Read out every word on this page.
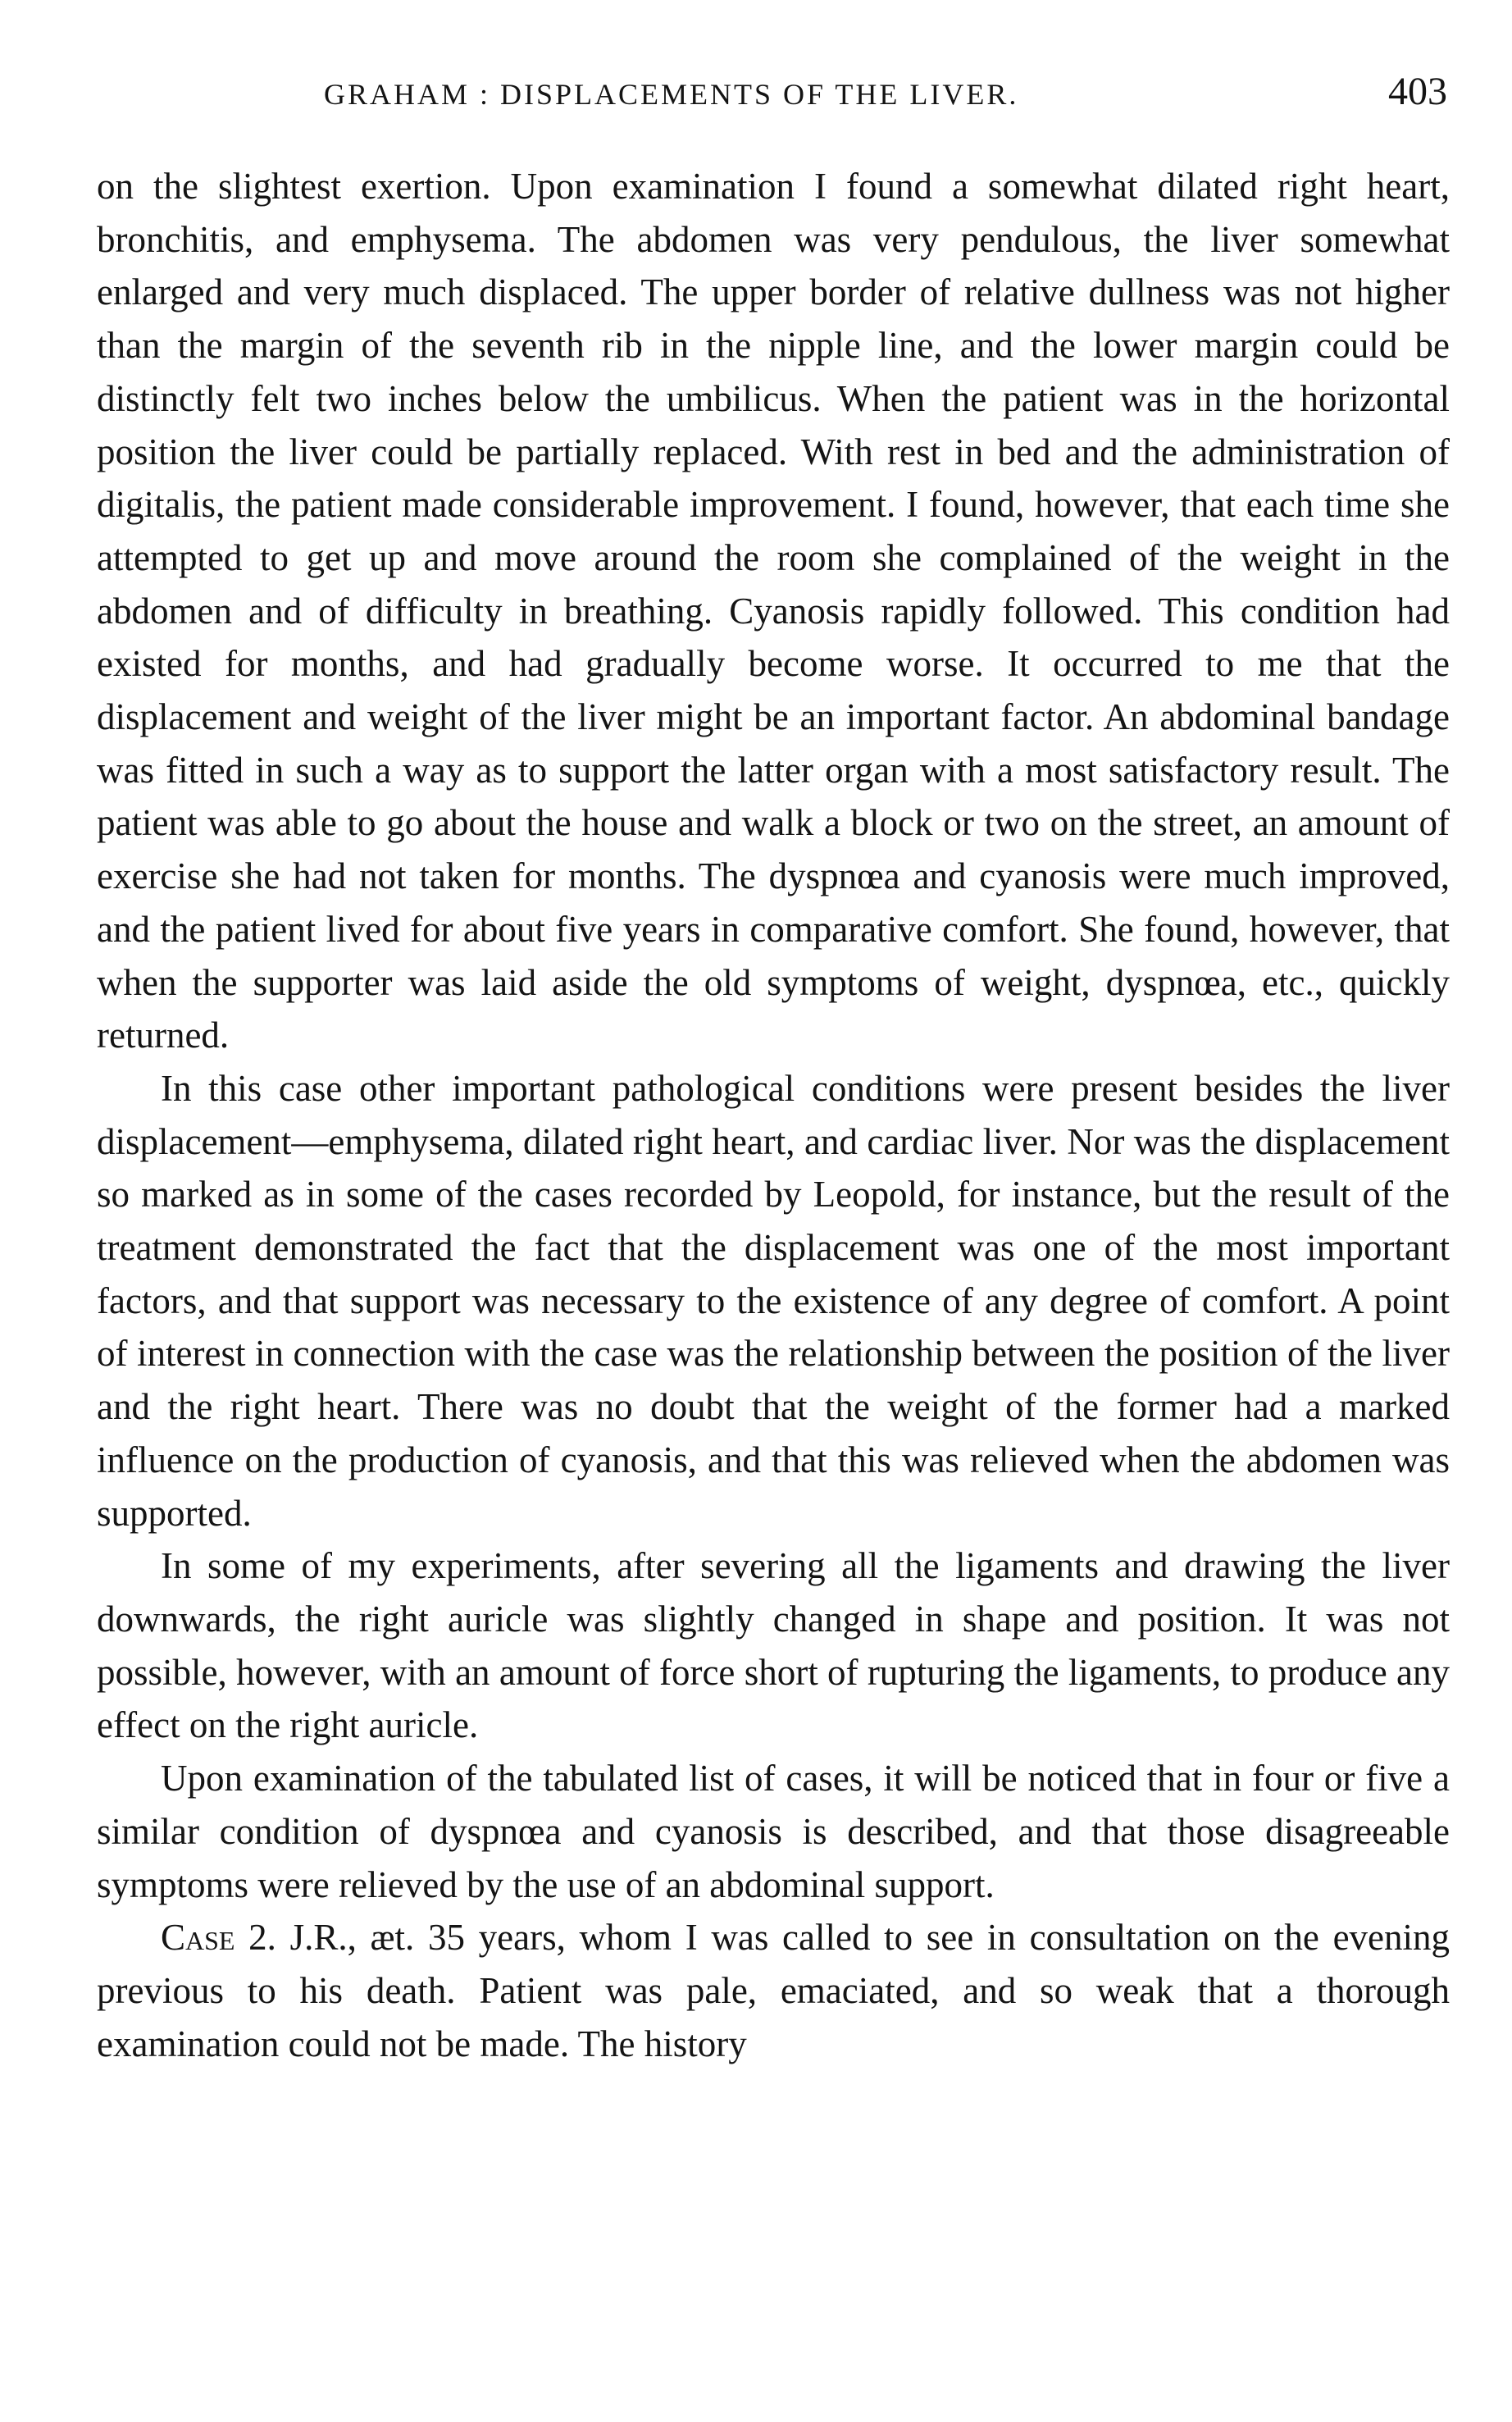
GRAHAM : DISPLACEMENTS OF THE LIVER.	403

on the slightest exertion. Upon examination I found a somewhat dilated right heart, bronchitis, and emphysema. The abdomen was very pendulous, the liver somewhat enlarged and very much displaced. The upper border of relative dullness was not higher than the margin of the seventh rib in the nipple line, and the lower margin could be distinctly felt two inches below the umbilicus. When the patient was in the horizontal position the liver could be partially replaced. With rest in bed and the administration of digitalis, the patient made considerable improvement. I found, however, that each time she attempted to get up and move around the room she complained of the weight in the abdomen and of difficulty in breathing. Cyanosis rapidly followed. This condition had existed for months, and had gradually become worse. It occurred to me that the displacement and weight of the liver might be an important factor. An abdominal bandage was fitted in such a way as to support the latter organ with a most satisfactory result. The patient was able to go about the house and walk a block or two on the street, an amount of exercise she had not taken for months. The dyspnœa and cyanosis were much improved, and the patient lived for about five years in comparative comfort. She found, however, that when the supporter was laid aside the old symptoms of weight, dyspnœa, etc., quickly returned.

In this case other important pathological conditions were present besides the liver displacement—emphysema, dilated right heart, and cardiac liver. Nor was the displacement so marked as in some of the cases recorded by Leopold, for instance, but the result of the treatment demonstrated the fact that the displacement was one of the most important factors, and that support was necessary to the existence of any degree of comfort. A point of interest in connection with the case was the relationship between the position of the liver and the right heart. There was no doubt that the weight of the former had a marked influence on the production of cyanosis, and that this was relieved when the abdomen was supported.

In some of my experiments, after severing all the ligaments and drawing the liver downwards, the right auricle was slightly changed in shape and position. It was not possible, however, with an amount of force short of rupturing the ligaments, to produce any effect on the right auricle.

Upon examination of the tabulated list of cases, it will be noticed that in four or five a similar condition of dyspnœa and cyanosis is described, and that those disagreeable symptoms were relieved by the use of an abdominal support.

Case 2. J.R., æt. 35 years, whom I was called to see in consultation on the evening previous to his death. Patient was pale, emaciated, and so weak that a thorough examination could not be made. The history
